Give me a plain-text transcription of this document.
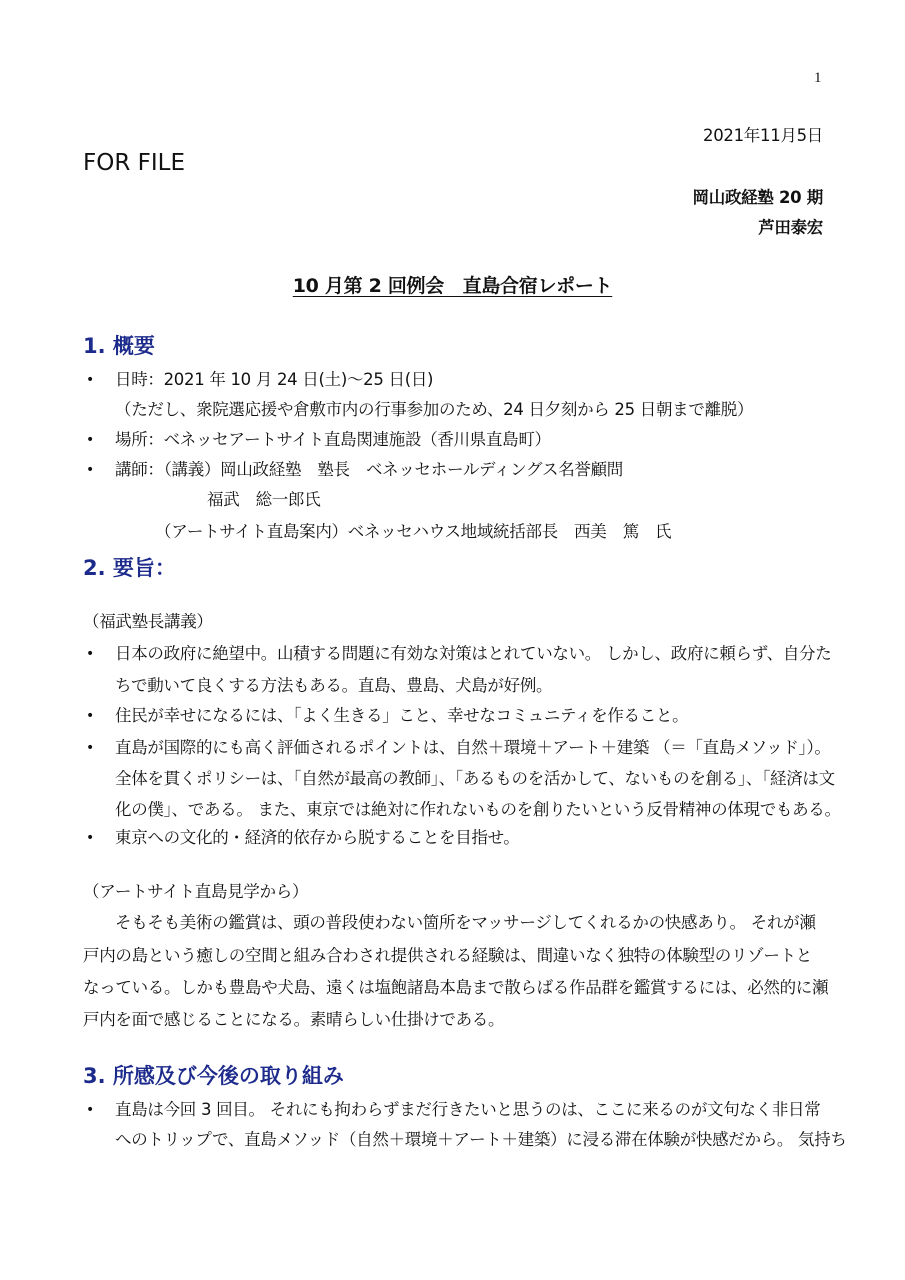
1
2021年11月5日
FOR FILE
岡山政経塾 20 期
芦田泰宏
10 月第 2 回例会　直島合宿レポート
1. 概要
• 日時：2021 年 10 月 24 日(土)～25 日(日)
（ただし、衆院選応援や倉敷市内の行事参加のため、24 日夕刻から 25 日朝まで離脱）
• 場所：ベネッセアートサイト直島関連施設（香川県直島町）
• 講師：（講義）岡山政経塾　塾長　ベネッセホールディングス名誉顧問
福武　総一郎氏
（アートサイト直島案内）ベネッセハウス地域統括部長　西美　篤　氏
2. 要旨：
（福武塾長講義）
• 日本の政府に絶望中。山積する問題に有効な対策はとれていない。 しかし、政府に頼らず、自分た
ちで動いて良くする方法もある。直島、豊島、犬島が好例。
• 住民が幸せになるには、「よく生きる」こと、幸せなコミュニティを作ること。
• 直島が国際的にも高く評価されるポイントは、自然＋環境＋アート＋建築 （＝「直島メソッド」）。
全体を貫くポリシーは、「自然が最高の教師」、「あるものを活かして、ないものを創る」、「経済は文
化の僕」、である。 また、東京では絶対に作れないものを創りたいという反骨精神の体現でもある。
• 東京への文化的・経済的依存から脱することを目指せ。
（アートサイト直島見学から）
そもそも美術の鑑賞は、頭の普段使わない箇所をマッサージしてくれるかの快感あり。 それが瀬
戸内の島という癒しの空間と組み合わされ提供される経験は、間違いなく独特の体験型のリゾートと
なっている。しかも豊島や犬島、遠くは塩飽諸島本島まで散らばる作品群を鑑賞するには、必然的に瀬
戸内を面で感じることになる。素晴らしい仕掛けである。
3. 所感及び今後の取り組み
• 直島は今回 3 回目。 それにも拘わらずまだ行きたいと思うのは、ここに来るのが文句なく非日常
へのトリップで、直島メソッド（自然＋環境＋アート＋建築）に浸る滞在体験が快感だから。 気持ち
